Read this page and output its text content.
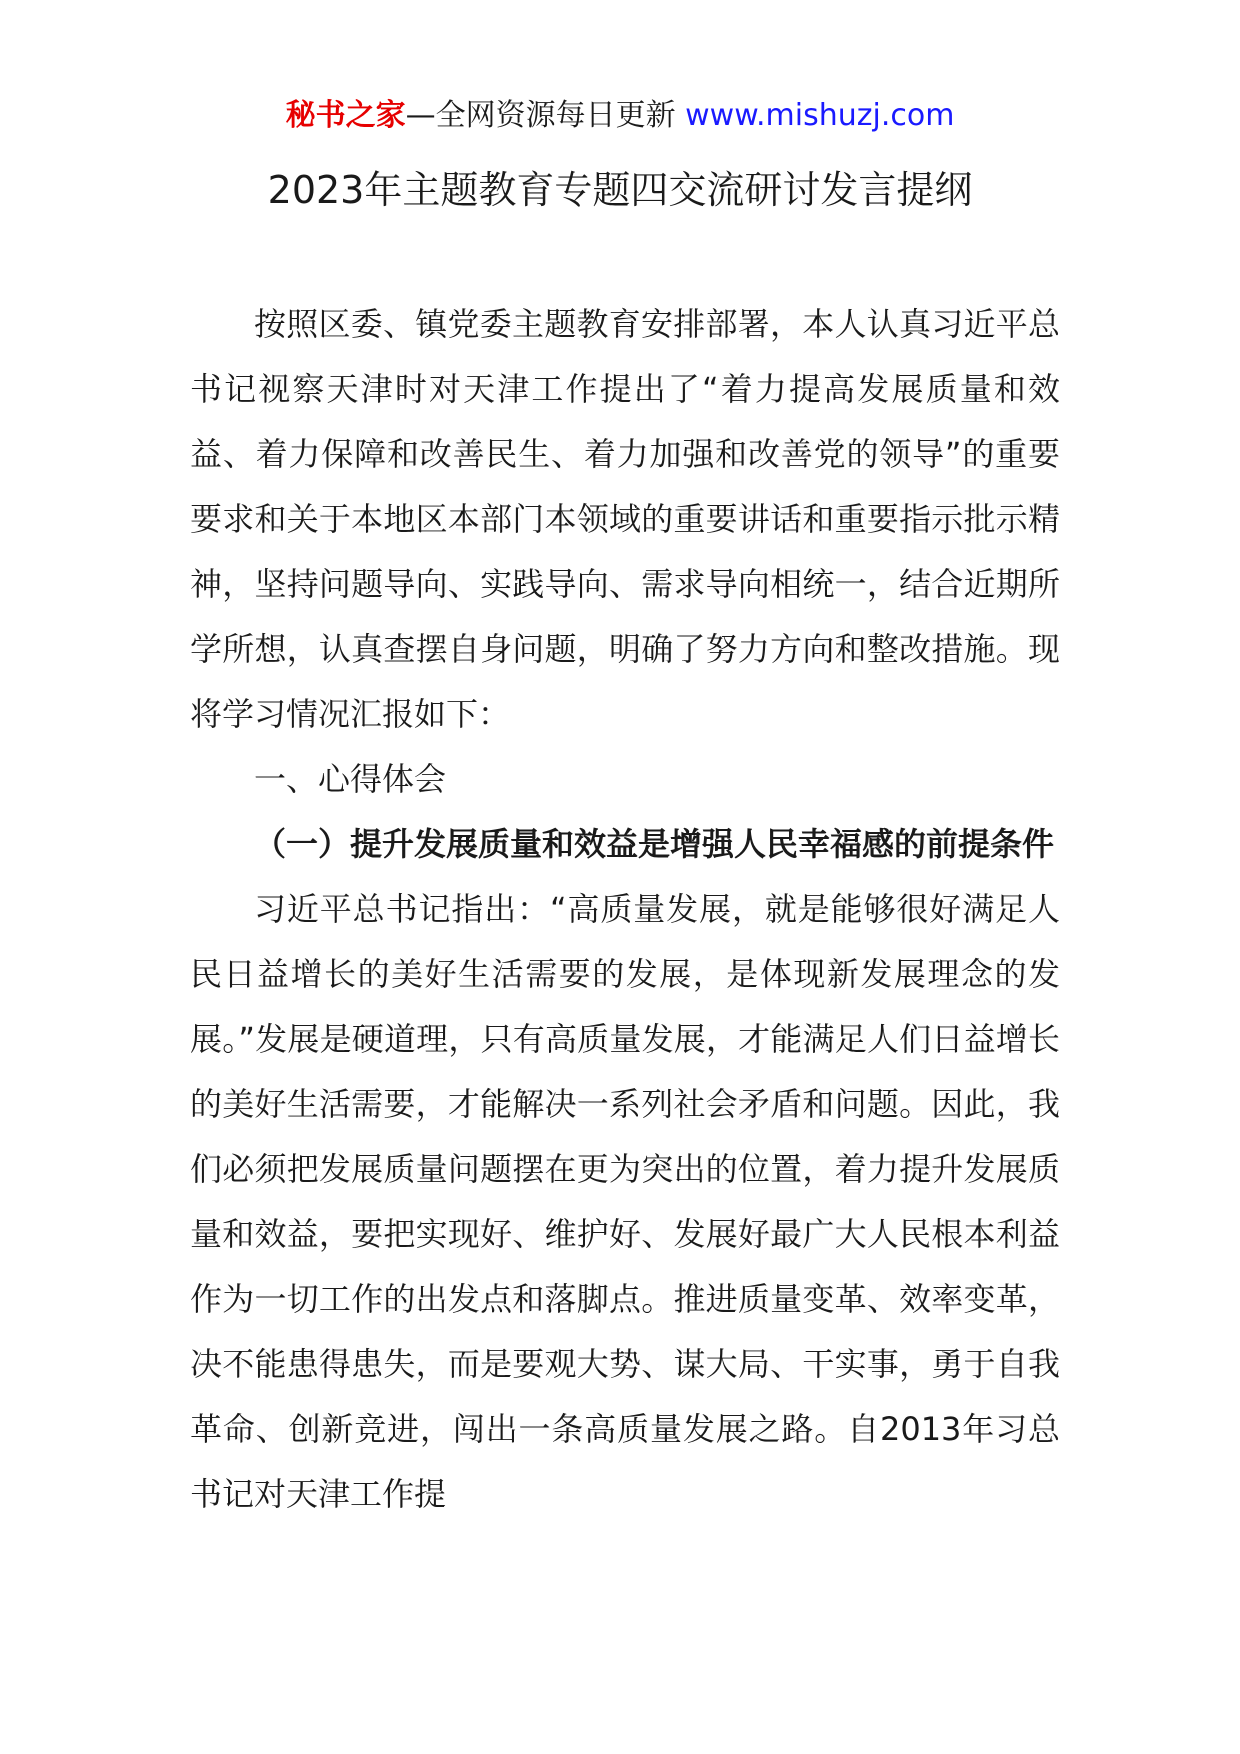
秘书之家—全网资源每日更新 www.mishuzj.com
2023年主题教育专题四交流研讨发言提纲

按照区委、镇党委主题教育安排部署，本人认真习近平总书记视察天津时对天津工作提出了“着力提高发展质量和效益、着力保障和改善民生、着力加强和改善党的领导”的重要要求和关于本地区本部门本领域的重要讲话和重要指示批示精神，坚持问题导向、实践导向、需求导向相统一，结合近期所学所想，认真查摆自身问题，明确了努力方向和整改措施。现将学习情况汇报如下：

一、心得体会
（一）提升发展质量和效益是增强人民幸福感的前提条件

习近平总书记指出：“高质量发展，就是能够很好满足人民日益增长的美好生活需要的发展，是体现新发展理念的发展。”发展是硬道理，只有高质量发展，才能满足人们日益增长的美好生活需要，才能解决一系列社会矛盾和问题。因此，我们必须把发展质量问题摆在更为突出的位置，着力提升发展质量和效益，要把实现好、维护好、发展好最广大人民根本利益作为一切工作的出发点和落脚点。推进质量变革、效率变革，决不能患得患失，而是要观大势、谋大局、干实事，勇于自我革命、创新竞进，闯出一条高质量发展之路。自2013年习总书记对天津工作提
